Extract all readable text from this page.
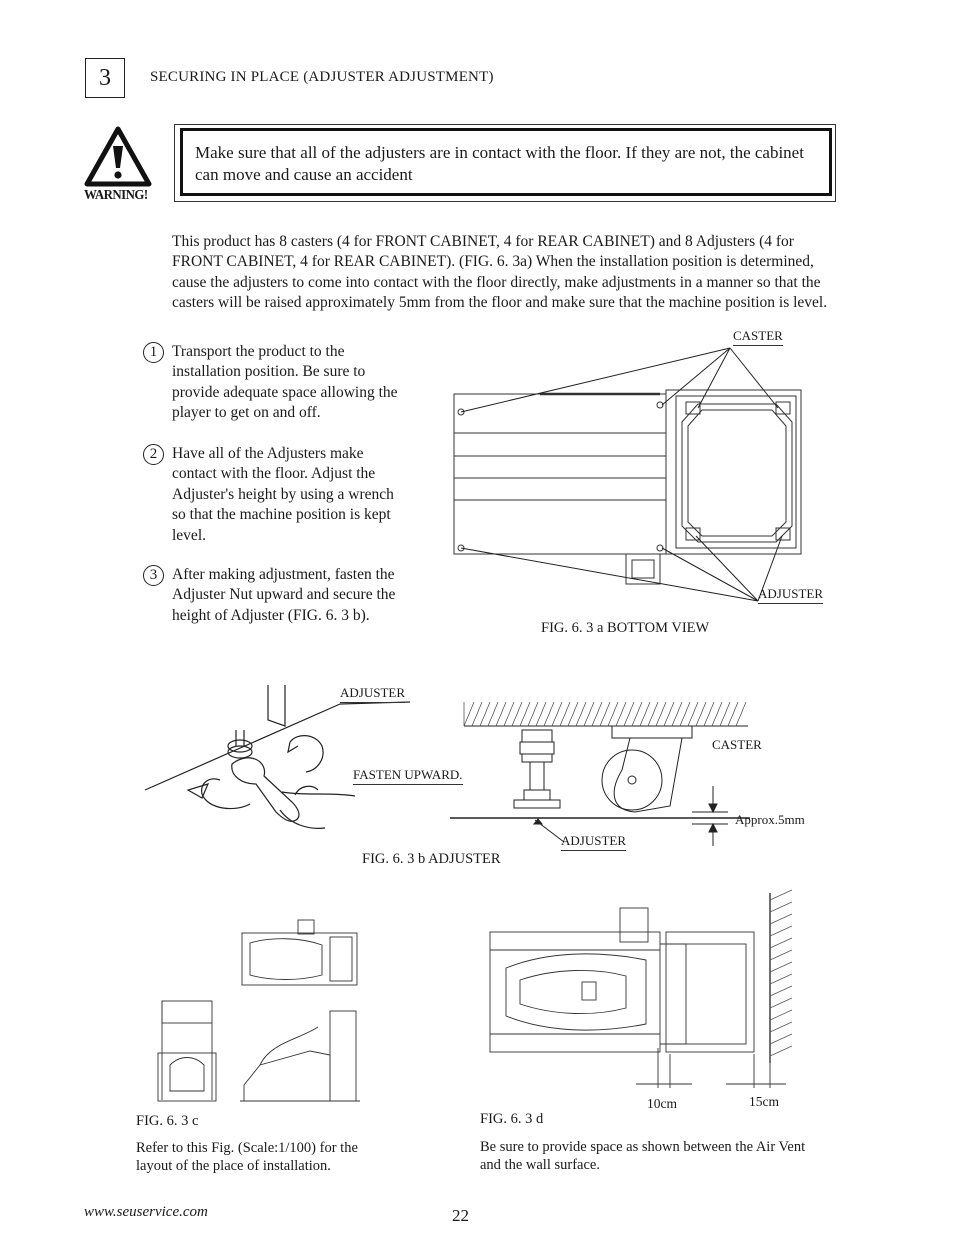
3	SECURING IN PLACE (ADJUSTER ADJUSTMENT)
WARNING!
Make sure that all of the adjusters are in contact with the floor. If they are not, the cabinet can move and cause an accident
This product has 8 casters (4 for FRONT CABINET, 4 for REAR CABINET) and 8 Adjusters (4 for FRONT CABINET, 4 for REAR CABINET). (FIG. 6. 3a) When the installation position is determined, cause the adjusters to come into contact with the floor directly, make adjustments in a manner so that the casters will be raised approximately 5mm from the floor and make sure that the machine position is level.
1 Transport the product to the installation position. Be sure to provide adequate space allowing the player to get on and off.
2 Have all of the Adjusters make contact with the floor. Adjust the Adjuster's height by using a wrench so that the machine position is kept level.
3 After making adjustment, fasten the Adjuster Nut upward and secure the height of Adjuster (FIG. 6. 3 b).
CASTER
ADJUSTER
FIG. 6. 3 a BOTTOM VIEW
ADJUSTER
FASTEN UPWARD.
CASTER
ADJUSTER
Approx.5mm
FIG. 6. 3 b ADJUSTER
FIG. 6. 3 c
Refer to this Fig. (Scale:1/100) for the layout of the place of installation.
10cm	15cm
FIG. 6. 3 d
Be sure to provide space as shown between the Air Vent and the wall surface.
www.seuservice.com	22
